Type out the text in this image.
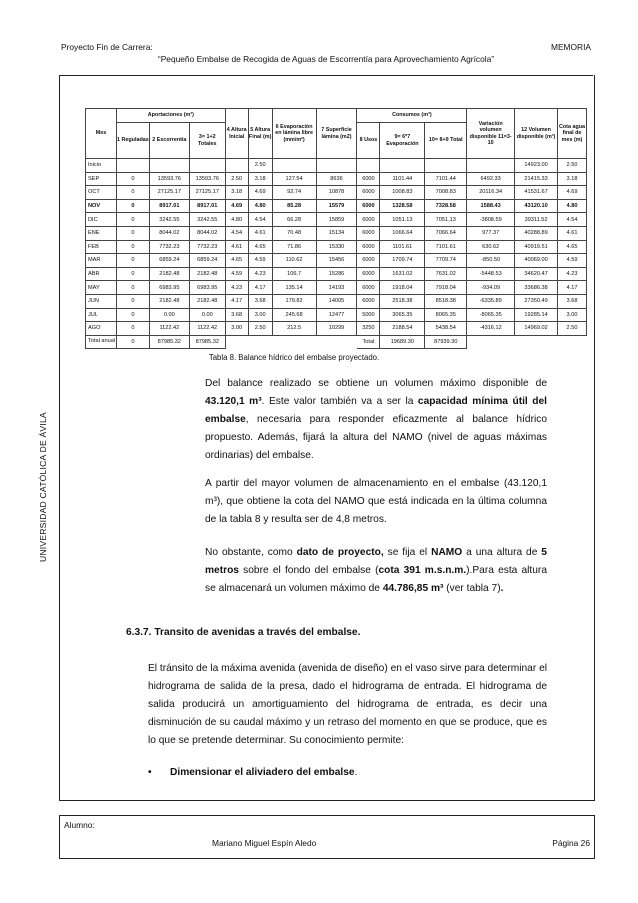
Proyecto Fin de Carrera:	MEMORIA
“Pequeño Embalse de Recogida de Aguas de Escorrentía para Aprovechamiento Agrícola”
UNIVERSIDAD CATÓLICA DE ÁVILA
Mes	Aportaciones (m³)			4 Altura Inicial	5 Altura Final (m)	6 Evaporación en lámina libre (mm/m²)	7 Superficie lámina (m2)	Consumos (m³)			Variación volumen disponible 11=3-10	12 Volumen disponible (m³)	Cota agua final de mes (m)
	1 Reguladas	2 Escorrentía	3= 1+2 Totales					8 Usos	9= 6*7 Evaporación	10= 8+9 Total			
Inicio					2.50							14923.00	2.50
SEP	0	13593.76	13593.76	2.50	3.18	127.54	8636	6000	1101.44	7101.44	6492.33	21415.33	3.18
OCT	0	27125.17	27125.17	3.18	4.69	92.74	10878	6000	1008.83	7008.83	20116.34	41531.67	4.69
NOV	0	8917.01	8917.01	4.69	4.80	85.28	15579	6000	1328.58	7328.58	1588.43	43120.10	4.80
DIC	0	3242.55	3242.55	4.80	4.54	66.28	15859	6000	1051.13	7051.13	-3808.59	39311.52	4.54
ENE	0	8044.02	8044.02	4.54	4.61	70.48	15134	6000	1066.64	7066.64	977.37	40288.89	4.61
FEB	0	7732.23	7732.23	4.61	4.65	71.86	15330	6000	1101.61	7101.61	630.62	40919.51	4.65
MAR	0	6859.24	6859.24	4.65	4.59	110.62	15456	6000	1709.74	7709.74	-850.50	40069.00	4.59
ABR	0	2182.48	2182.48	4.59	4.23	106.7	15286	6000	1631.02	7631.02	-5448.53	34620.47	4.23
MAY	0	6983.95	6983.95	4.23	4.17	135.14	14193	6000	1918.04	7918.04	-934.09	33686.38	4.17
JUN	0	2182.48	2182.48	4.17	3.68	179.82	14005	6000	2518.38	8518.38	-6335.89	27350.49	3.68
JUL	0	0.00	0.00	3.68	3.00	245.68	12477	5000	3065.35	8065.35	-8065.35	19285.14	3.00
AGO	0	1122.42	1122.42	3.00	2.50	212.5	10299	3250	2188.54	5438.54	-4316.12	14969.02	2.50
Total anual	0	87985.32	87985.32					Total	19689.30	87939.30			
Tabla 8. Balance hídrico del embalse proyectado.
Del balance realizado se obtiene un volumen máximo disponible de 43.120,1 m³. Este valor también va a ser la capacidad mínima útil del embalse, necesaria para responder eficazmente al balance hídrico propuesto. Además, fijará la altura del NAMO (nivel de aguas máximas ordinarias) del embalse.
A partir del mayor volumen de almacenamiento en el embalse (43.120,1 m³), que obtiene la cota del NAMO que está indicada en la última columna de la tabla 8 y resulta ser de 4,8 metros.
No obstante, como dato de proyecto, se fija el NAMO a una altura de 5 metros sobre el fondo del embalse (cota 391 m.s.n.m.).Para esta altura se almacenará un volumen máximo de 44.786,85 m³ (ver tabla 7).
6.3.7. Transito de avenidas a través del embalse.
El tránsito de la máxima avenida (avenida de diseño) en el vaso sirve para determinar el hidrograma de salida de la presa, dado el hidrograma de entrada. El hidrograma de salida producirá un amortiguamiento del hidrograma de entrada, es decir una disminución de su caudal máximo y un retraso del momento en que se produce, que es lo que se pretende determinar. Su conocimiento permite:
• Dimensionar el aliviadero del embalse.
Alumno:
Mariano Miguel Espín Aledo	Página 26
